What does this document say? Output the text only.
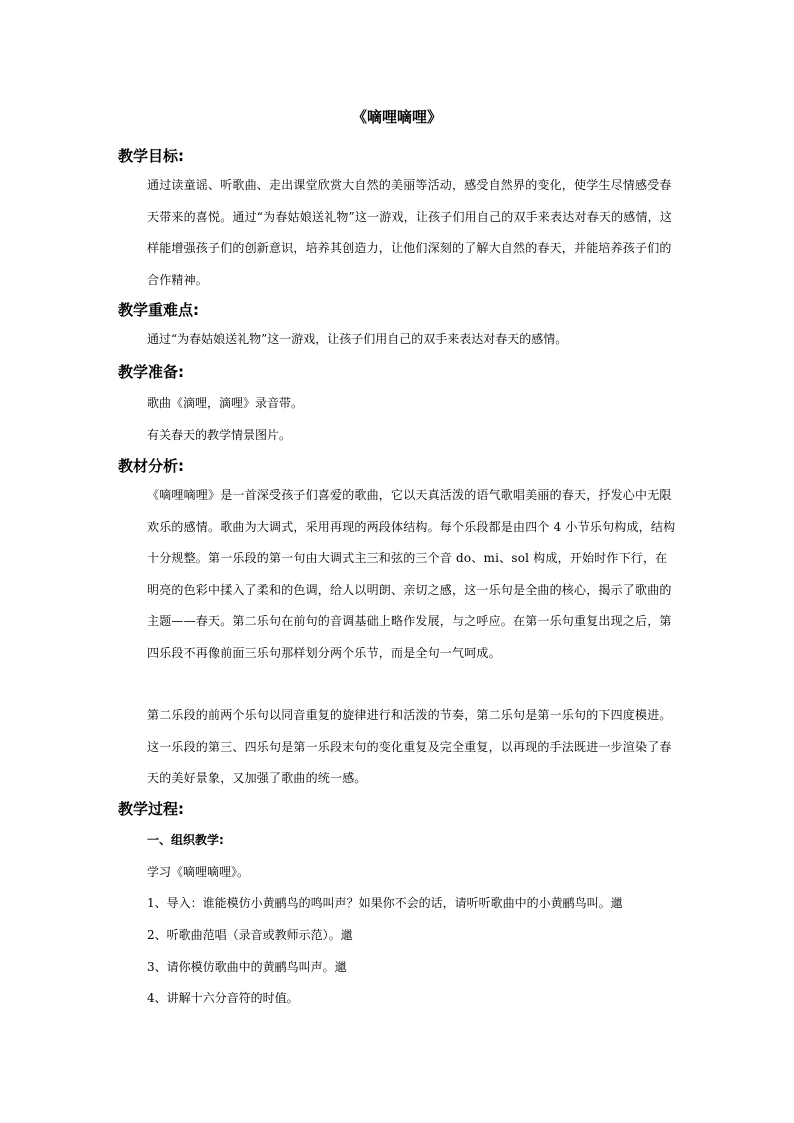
《嘀哩嘀哩》
教学目标:
通过读童谣、听歌曲、走出课堂欣赏大自然的美丽等活动，感受自然界的变化，使学生尽情感受春天带来的喜悦。通过“为春姑娘送礼物”这一游戏，让孩子们用自己的双手来表达对春天的感情，这样能增强孩子们的创新意识，培养其创造力，让他们深刻的了解大自然的春天，并能培养孩子们的合作精神。
教学重难点:
通过“为春姑娘送礼物”这一游戏，让孩子们用自己的双手来表达对春天的感情。
教学准备:
歌曲《滴哩，滴哩》录音带。
有关春天的教学情景图片。
教材分析:
《嘀哩嘀哩》是一首深受孩子们喜爱的歌曲，它以天真活泼的语气歌唱美丽的春天，抒发心中无限欢乐的感情。歌曲为大调式，采用再现的两段体结构。每个乐段都是由四个 4 小节乐句构成，结构十分规整。第一乐段的第一句由大调式主三和弦的三个音 do、mi、sol 构成，开始时作下行，在明亮的色彩中揉入了柔和的色调，给人以明朗、亲切之感，这一乐句是全曲的核心，揭示了歌曲的主题——春天。第二乐句在前句的音调基础上略作发展，与之呼应。在第一乐句重复出现之后，第四乐段不再像前面三乐句那样划分两个乐节，而是全句一气呵成。
第二乐段的前两个乐句以同音重复的旋律进行和活泼的节奏，第二乐句是第一乐句的下四度模进。这一乐段的第三、四乐句是第一乐段末句的变化重复及完全重复，以再现的手法既进一步渲染了春天的美好景象，又加强了歌曲的统一感。
教学过程:
一、组织教学:
学习《嘀哩嘀哩》。
1、导入：谁能模仿小黄鹂鸟的鸣叫声？如果你不会的话，请听听歌曲中的小黄鹂鸟叫。邋
2、听歌曲范唱（录音或教师示范）。邋
3、请你模仿歌曲中的黄鹂鸟叫声。邋
4、讲解十六分音符的时值。
